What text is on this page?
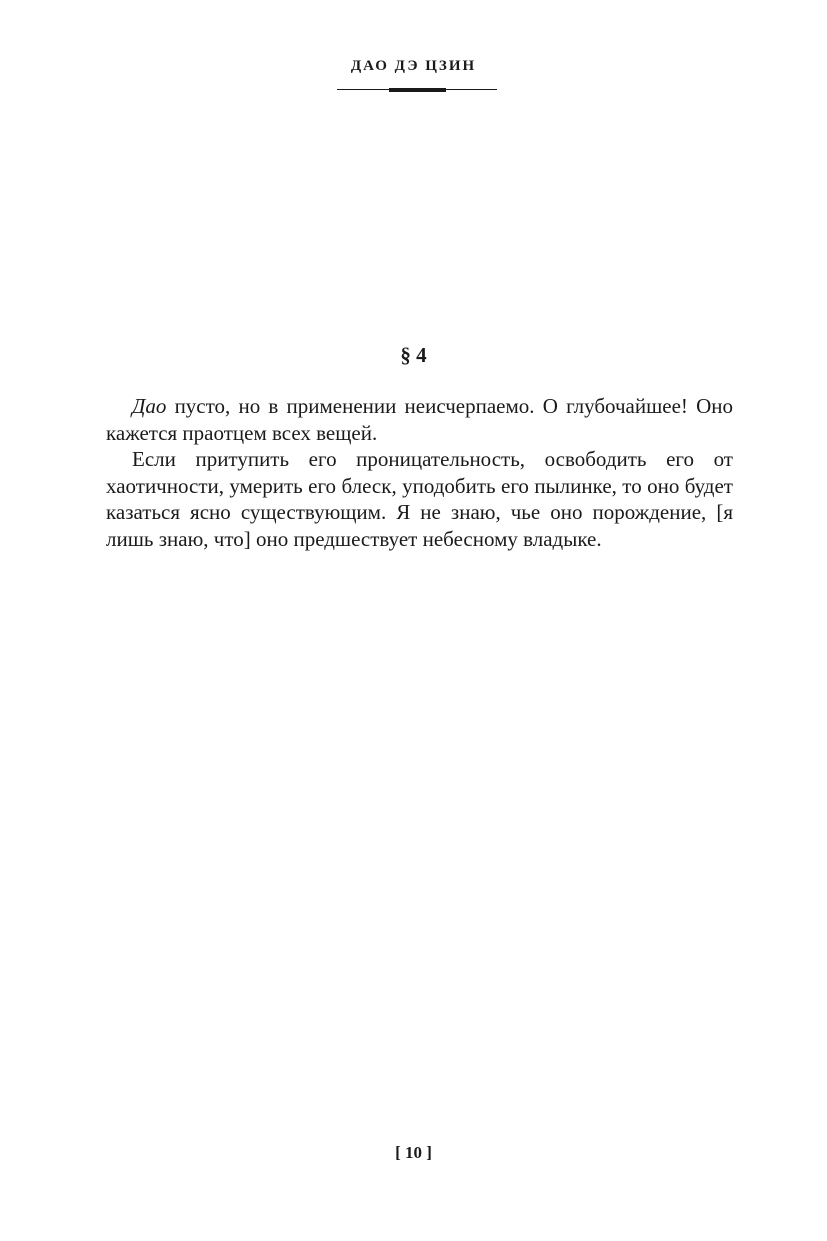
ДАО ДЭ ЦЗИН
§ 4

Дао пусто, но в применении неисчерпаемо. О глубочайшее! Оно кажется праотцем всех вещей.

Если притупить его проницательность, освободить его от хаотичности, умерить его блеск, уподобить его пылинке, то оно будет казаться ясно существующим. Я не знаю, чье оно порождение, [я лишь знаю, что] оно предшествует небесному владыке.

[ 10 ]
